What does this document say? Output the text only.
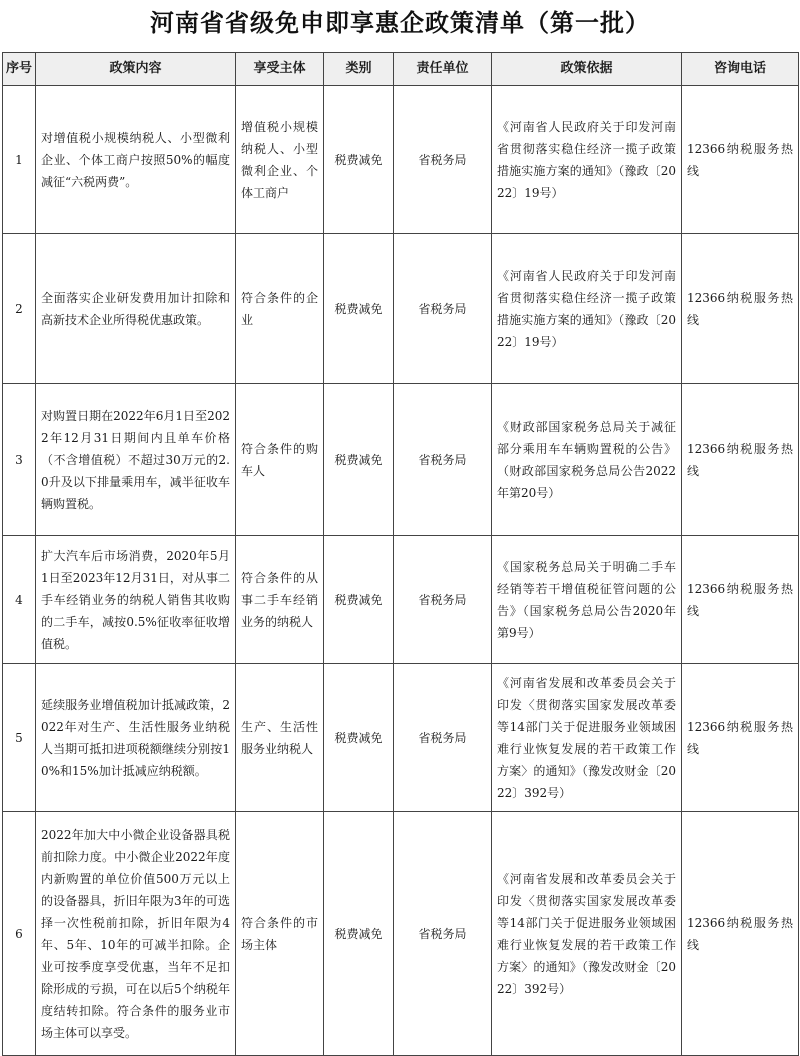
河南省省级免申即享惠企政策清单（第一批）
序号	政策内容	享受主体	类别	责任单位	政策依据	咨询电话
1	对增值税小规模纳税人、小型微利企业、个体工商户按照50%的幅度减征“六税两费”。	增值税小规模纳税人、小型微利企业、个体工商户	税费减免	省税务局	《河南省人民政府关于印发河南省贯彻落实稳住经济一揽子政策措施实施方案的通知》（豫政〔2022〕19号）	12366纳税服务热线
2	全面落实企业研发费用加计扣除和高新技术企业所得税优惠政策。	符合条件的企业	税费减免	省税务局	《河南省人民政府关于印发河南省贯彻落实稳住经济一揽子政策措施实施方案的通知》（豫政〔2022〕19号）	12366纳税服务热线
3	对购置日期在2022年6月1日至2022年12月31日期间内且单车价格（不含增值税）不超过30万元的2.0升及以下排量乘用车，减半征收车辆购置税。	符合条件的购车人	税费减免	省税务局	《财政部国家税务总局关于减征部分乘用车车辆购置税的公告》（财政部国家税务总局公告2022年第20号）	12366纳税服务热线
4	扩大汽车后市场消费，2020年5月1日至2023年12月31日，对从事二手车经销业务的纳税人销售其收购的二手车，减按0.5%征收率征收增值税。	符合条件的从事二手车经销业务的纳税人	税费减免	省税务局	《国家税务总局关于明确二手车经销等若干增值税征管问题的公告》（国家税务总局公告2020年第9号）	12366纳税服务热线
5	延续服务业增值税加计抵减政策，2022年对生产、生活性服务业纳税人当期可抵扣进项税额继续分别按10%和15%加计抵减应纳税额。	生产、生活性服务业纳税人	税费减免	省税务局	《河南省发展和改革委员会关于印发〈贯彻落实国家发展改革委等14部门关于促进服务业领域困难行业恢复发展的若干政策工作方案〉的通知》（豫发改财金〔2022〕392号）	12366纳税服务热线
6	2022年加大中小微企业设备器具税前扣除力度。中小微企业2022年度内新购置的单位价值500万元以上的设备器具，折旧年限为3年的可选择一次性税前扣除，折旧年限为4年、5年、10年的可减半扣除。企业可按季度享受优惠，当年不足扣除形成的亏损，可在以后5个纳税年度结转扣除。符合条件的服务业市场主体可以享受。	符合条件的市场主体	税费减免	省税务局	《河南省发展和改革委员会关于印发〈贯彻落实国家发展改革委等14部门关于促进服务业领域困难行业恢复发展的若干政策工作方案〉的通知》（豫发改财金〔2022〕392号）	12366纳税服务热线
